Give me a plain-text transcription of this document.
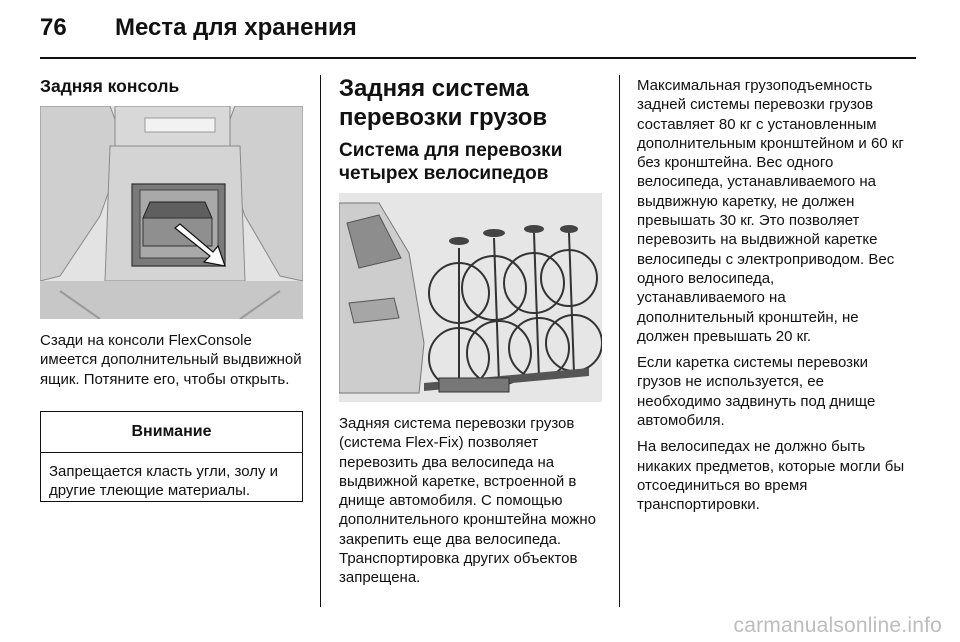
76 Места для хранения
Задняя консоль

Сзади на консоли FlexConsole имеется дополнительный выдвижной ящик. Потяните его, чтобы открыть.

Внимание

Запрещается класть угли, золу и другие тлеющие материалы.

Задняя система перевозки грузов
Система для перевозки четырех велосипедов

Задняя система перевозки грузов (система Flex-Fix) позволяет перевозить два велосипеда на выдвижной каретке, встроенной в днище автомобиля. С помощью дополнительного кронштейна можно закрепить еще два велосипеда. Транспортировка других объектов запрещена.

Максимальная грузоподъемность задней системы перевозки грузов составляет 80 кг с установленным дополнительным кронштейном и 60 кг без кронштейна. Вес одного велосипеда, устанавливаемого на выдвижную каретку, не должен превышать 30 кг. Это позволяет перевозить на выдвижной каретке велосипеды с электроприводом. Вес одного велосипеда, устанавливаемого на дополнительный кронштейн, не должен превышать 20 кг.

Если каретка системы перевозки грузов не используется, ее необходимо задвинуть под днище автомобиля.

На велосипедах не должно быть никаких предметов, которые могли бы отсоединиться во время транспортировки.

carmanualsonline.info
